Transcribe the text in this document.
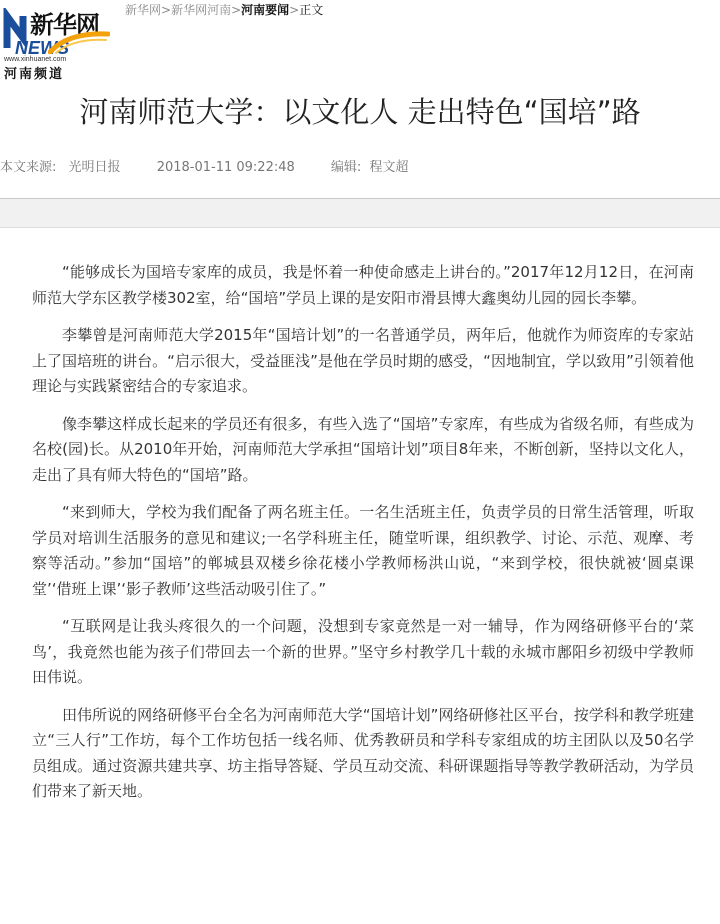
新华网
NEWS
www.xinhuanet.com
河南频道
新华网>新华网河南>河南要闻>正文
河南师范大学：以文化人 走出特色“国培”路
本文来源: 光明日报	2018-01-11 09:22:48	编辑: 程文超

“能够成长为国培专家库的成员，我是怀着一种使命感走上讲台的。”2017年12月12日，在河南师范大学东区教学楼302室，给“国培”学员上课的是安阳市滑县博大鑫奥幼儿园的园长李攀。

李攀曾是河南师范大学2015年“国培计划”的一名普通学员，两年后，他就作为师资库的专家站上了国培班的讲台。“启示很大，受益匪浅”是他在学员时期的感受，“因地制宜，学以致用”引领着他理论与实践紧密结合的专家追求。

像李攀这样成长起来的学员还有很多，有些入选了“国培”专家库，有些成为省级名师，有些成为名校(园)长。从2010年开始，河南师范大学承担“国培计划”项目8年来，不断创新，坚持以文化人，走出了具有师大特色的“国培”路。

“来到师大，学校为我们配备了两名班主任。一名生活班主任，负责学员的日常生活管理，听取学员对培训生活服务的意见和建议;一名学科班主任，随堂听课，组织教学、讨论、示范、观摩、考察等活动。”参加“国培”的郸城县双楼乡徐花楼小学教师杨洪山说，“来到学校，很快就被‘圆桌课堂’‘借班上课’‘影子教师’这些活动吸引住了。”

“互联网是让我头疼很久的一个问题，没想到专家竟然是一对一辅导，作为网络研修平台的‘菜鸟’，我竟然也能为孩子们带回去一个新的世界。”坚守乡村教学几十载的永城市鄌阳乡初级中学教师田伟说。

田伟所说的网络研修平台全名为河南师范大学“国培计划”网络研修社区平台，按学科和教学班建立“三人行”工作坊，每个工作坊包括一线名师、优秀教研员和学科专家组成的坊主团队以及50名学员组成。通过资源共建共享、坊主指导答疑、学员互动交流、科研课题指导等教学教研活动，为学员们带来了新天地。
